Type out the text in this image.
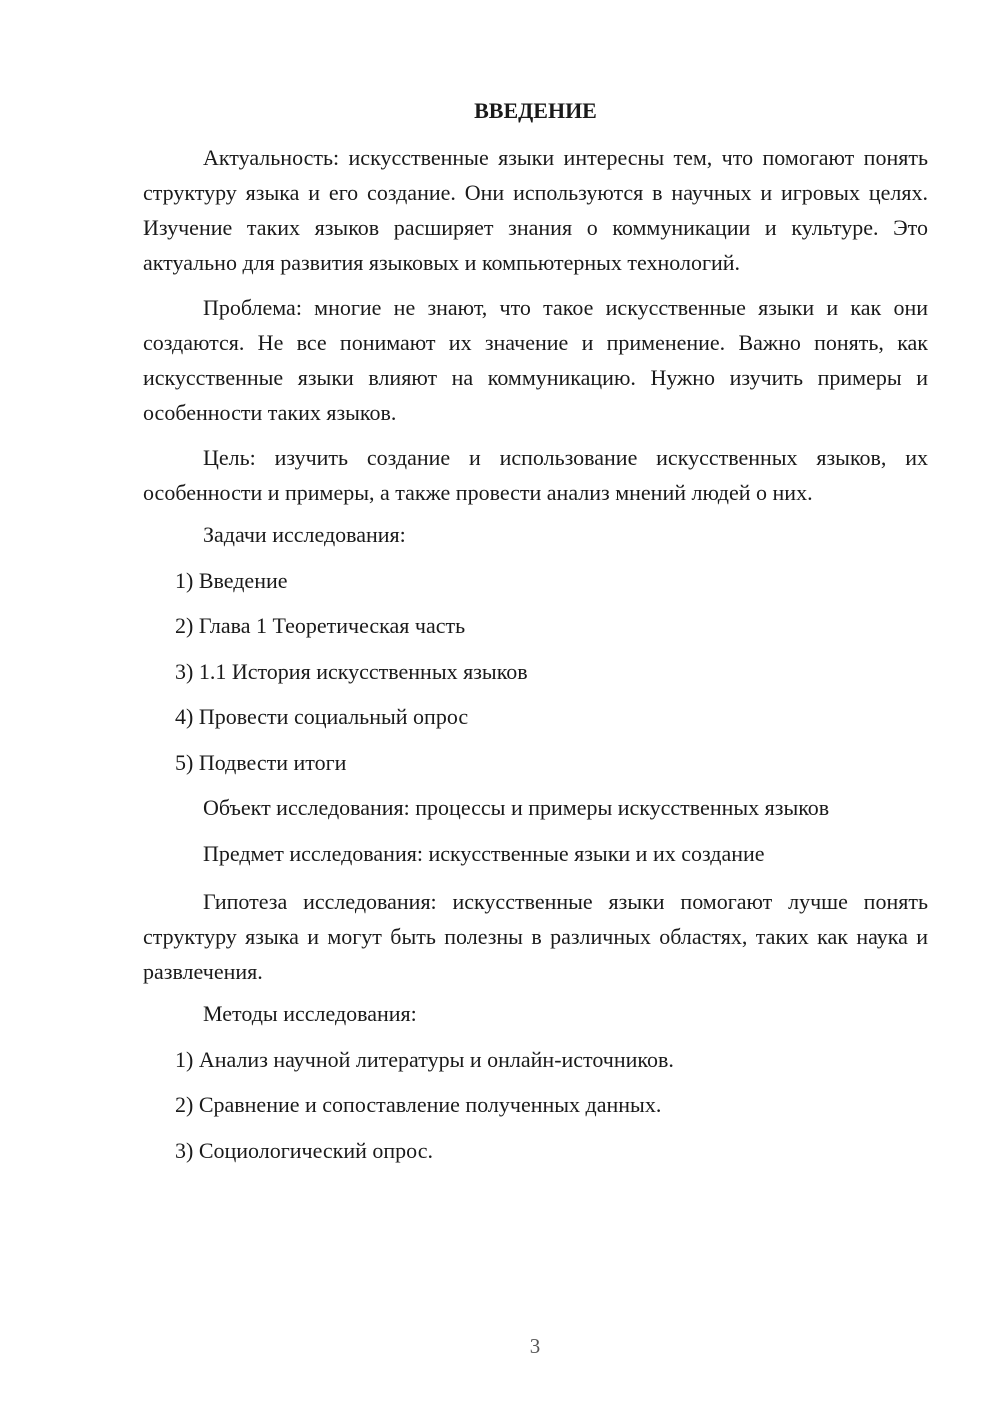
ВВЕДЕНИЕ

Актуальность: искусственные языки интересны тем, что помогают понять структуру языка и его создание. Они используются в научных и игровых целях. Изучение таких языков расширяет знания о коммуникации и культуре. Это актуально для развития языковых и компьютерных технологий.

Проблема: многие не знают, что такое искусственные языки и как они создаются. Не все понимают их значение и применение. Важно понять, как искусственные языки влияют на коммуникацию. Нужно изучить примеры и особенности таких языков.

Цель: изучить создание и использование искусственных языков, их особенности и примеры, а также провести анализ мнений людей о них.

Задачи исследования:
1) Введение
2) Глава 1 Теоретическая часть
3) 1.1 История искусственных языков
4) Провести социальный опрос
5) Подвести итоги
Объект исследования: процессы и примеры искусственных языков
Предмет исследования: искусственные языки и их создание

Гипотеза исследования: искусственные языки помогают лучше понять структуру языка и могут быть полезны в различных областях, таких как наука и развлечения.

Методы исследования:
1) Анализ научной литературы и онлайн-источников.
2) Сравнение и сопоставление полученных данных.
3) Социологический опрос.
3
